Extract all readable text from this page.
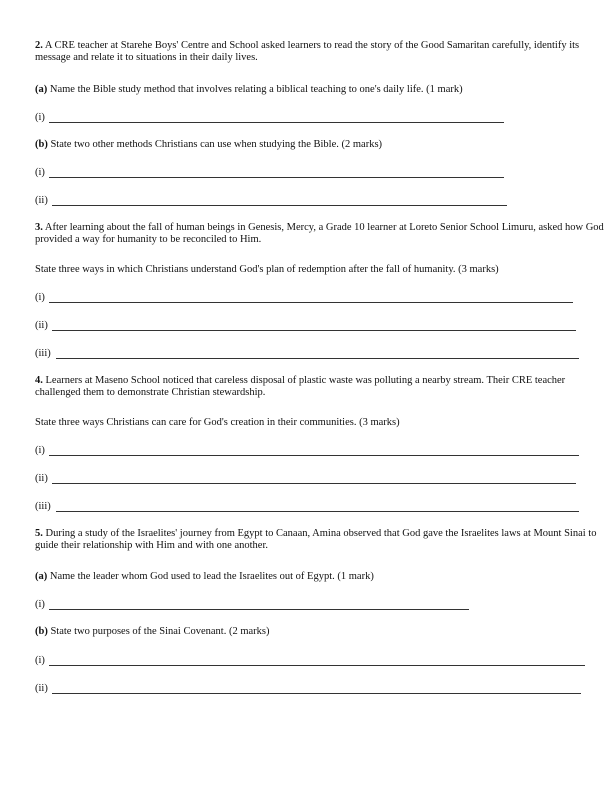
2. A CRE teacher at Starehe Boys' Centre and School asked learners to read the story of the Good Samaritan carefully, identify its message and relate it to situations in their daily lives.
(a) Name the Bible study method that involves relating a biblical teaching to one's daily life. (1 mark)
(i)
(b) State two other methods Christians can use when studying the Bible. (2 marks)
(i)
(ii)
3. After learning about the fall of human beings in Genesis, Mercy, a Grade 10 learner at Loreto Senior School Limuru, asked how God provided a way for humanity to be reconciled to Him.
State three ways in which Christians understand God's plan of redemption after the fall of humanity. (3 marks)
(i)
(ii)
(iii)
4. Learners at Maseno School noticed that careless disposal of plastic waste was polluting a nearby stream. Their CRE teacher challenged them to demonstrate Christian stewardship.
State three ways Christians can care for God's creation in their communities. (3 marks)
(i)
(ii)
(iii)
5. During a study of the Israelites' journey from Egypt to Canaan, Amina observed that God gave the Israelites laws at Mount Sinai to guide their relationship with Him and with one another.
(a) Name the leader whom God used to lead the Israelites out of Egypt. (1 mark)
(i)
(b) State two purposes of the Sinai Covenant. (2 marks)
(i)
(ii)
